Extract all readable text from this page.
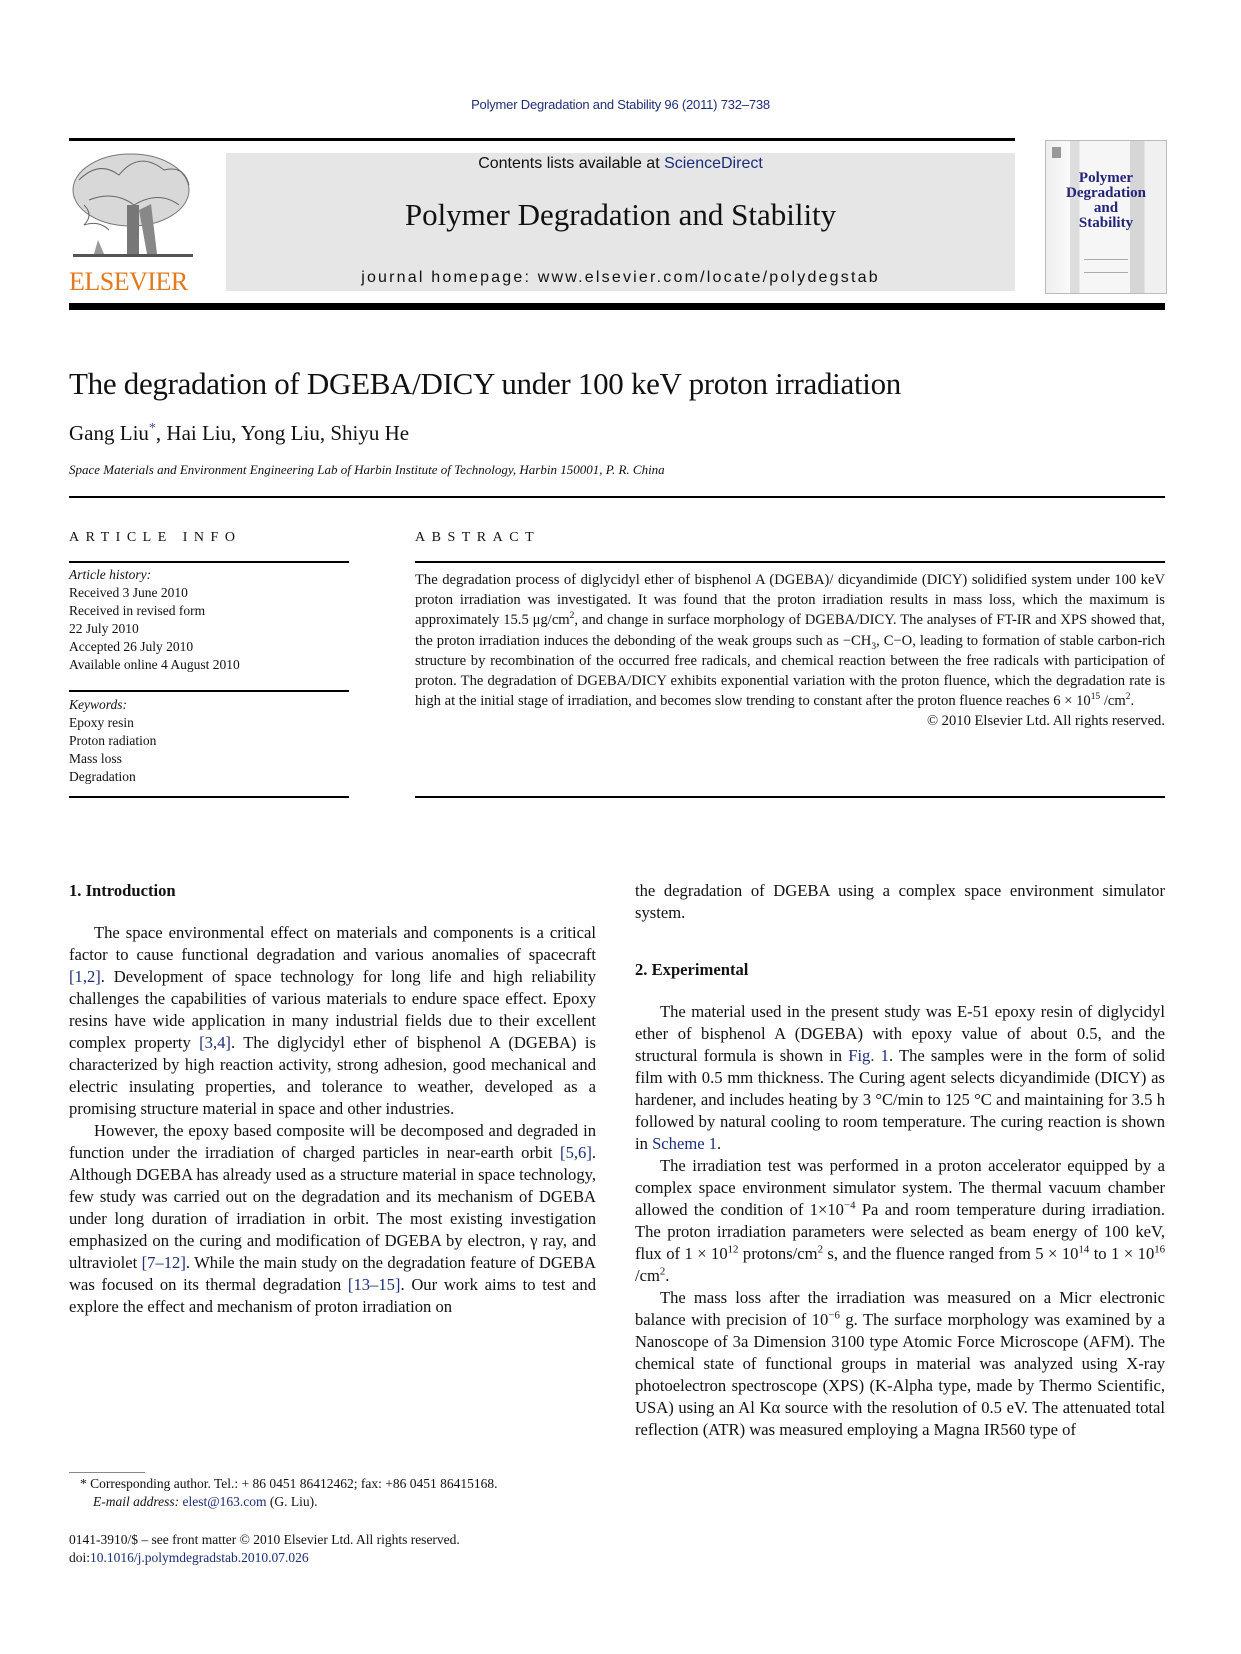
Polymer Degradation and Stability 96 (2011) 732–738
ELSEVIER
Contents lists available at ScienceDirect
Polymer Degradation and Stability
journal homepage: www.elsevier.com/locate/polydegstab
Polymer
Degradation
and
Stability
The degradation of DGEBA/DICY under 100 keV proton irradiation
Gang Liu*, Hai Liu, Yong Liu, Shiyu He
Space Materials and Environment Engineering Lab of Harbin Institute of Technology, Harbin 150001, P. R. China
ARTICLE INFO
Article history:
Received 3 June 2010
Received in revised form
22 July 2010
Accepted 26 July 2010
Available online 4 August 2010
Keywords:
Epoxy resin
Proton radiation
Mass loss
Degradation
ABSTRACT
The degradation process of diglycidyl ether of bisphenol A (DGEBA)/ dicyandimide (DICY) solidified system under 100 keV proton irradiation was investigated. It was found that the proton irradiation results in mass loss, which the maximum is approximately 15.5 $\mu g/cm^2$, and change in surface morphology of DGEBA/DICY. The analyses of FT-IR and XPS showed that, the proton irradiation induces the debonding of the weak groups such as $-CH_3$, C−O, leading to formation of stable carbon-rich structure by recombination of the occurred free radicals, and chemical reaction between the free radicals with participation of proton. The degradation of DGEBA/DICY exhibits exponential variation with the proton fluence, which the degradation rate is high at the initial stage of irradiation, and becomes slow trending to constant after the proton fluence reaches $6 \times 10^{15}$ $/cm^2$.
© 2010 Elsevier Ltd. All rights reserved.
1. Introduction

The space environmental effect on materials and components is a critical factor to cause functional degradation and various anomalies of spacecraft [1,2]. Development of space technology for long life and high reliability challenges the capabilities of various materials to endure space effect. Epoxy resins have wide application in many industrial fields due to their excellent complex property [3,4]. The diglycidyl ether of bisphenol A (DGEBA) is characterized by high reaction activity, strong adhesion, good mechanical and electric insulating properties, and tolerance to weather, developed as a promising structure material in space and other industries.

However, the epoxy based composite will be decomposed and degraded in function under the irradiation of charged particles in near-earth orbit [5,6]. Although DGEBA has already used as a structure material in space technology, few study was carried out on the degradation and its mechanism of DGEBA under long duration of irradiation in orbit. The most existing investigation emphasized on the curing and modification of DGEBA by electron, γ ray, and ultraviolet [7–12]. While the main study on the degradation feature of DGEBA was focused on its thermal degradation [13–15]. Our work aims to test and explore the effect and mechanism of proton irradiation on

* Corresponding author. Tel.: + 86 0451 86412462; fax: +86 0451 86415168.
E-mail address: elest@163.com (G. Liu).
0141-3910/$ – see front matter © 2010 Elsevier Ltd. All rights reserved.
doi:10.1016/j.polymdegradstab.2010.07.026

the degradation of DGEBA using a complex space environment simulator system.

2. Experimental

The material used in the present study was E-51 epoxy resin of diglycidyl ether of bisphenol A (DGEBA) with epoxy value of about 0.5, and the structural formula is shown in Fig. 1. The samples were in the form of solid film with 0.5 mm thickness. The Curing agent selects dicyandimide (DICY) as hardener, and includes heating by 3 °C/min to 125 °C and maintaining for 3.5 h followed by natural cooling to room temperature. The curing reaction is shown in Scheme 1.

The irradiation test was performed in a proton accelerator equipped by a complex space environment simulator system. The thermal vacuum chamber allowed the condition of $1\times 10^{-4}$ Pa and room temperature during irradiation. The proton irradiation parameters were selected as beam energy of 100 keV, flux of $1 \times 10^{12}$ protons/$cm^2$ s, and the fluence ranged from $5 \times 10^{14}$ to $1 \times 10^{16}$ $/cm^2$.

The mass loss after the irradiation was measured on a Micr electronic balance with precision of $10^{-6}$ g. The surface morphology was examined by a Nanoscope of 3a Dimension 3100 type Atomic Force Microscope (AFM). The chemical state of functional groups in material was analyzed using X-ray photoelectron spectroscope (XPS) (K-Alpha type, made by Thermo Scientific, USA) using an Al Kα source with the resolution of 0.5 eV. The attenuated total reflection (ATR) was measured employing a Magna IR560 type of
